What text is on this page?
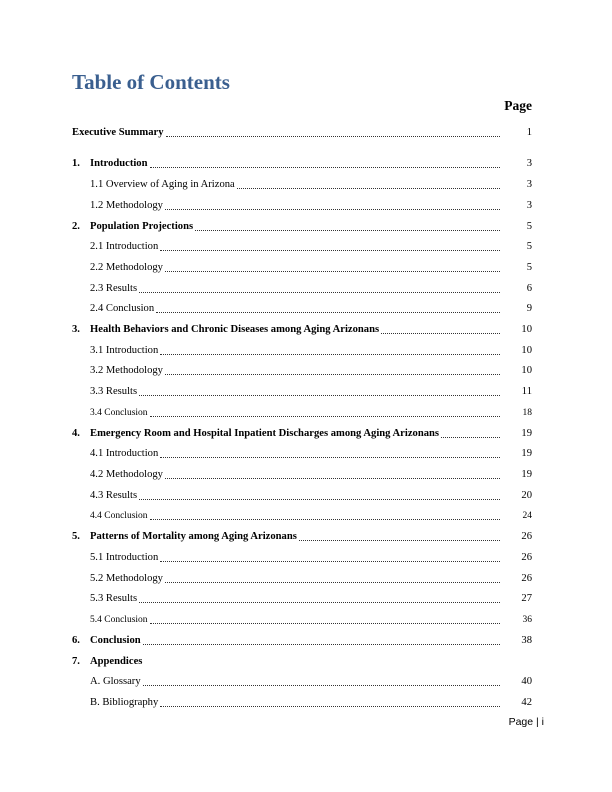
Table of Contents
Page
Executive Summary	1
1. Introduction	3
1.1 Overview of Aging in Arizona	3
1.2 Methodology	3
2. Population Projections	5
2.1 Introduction	5
2.2 Methodology	5
2.3 Results	6
2.4 Conclusion	9
3. Health Behaviors and Chronic Diseases among Aging Arizonans	10
3.1 Introduction	10
3.2 Methodology	10
3.3 Results	11
3.4 Conclusion	18
4. Emergency Room and Hospital Inpatient Discharges among Aging Arizonans	19
4.1 Introduction	19
4.2 Methodology	19
4.3 Results	20
4.4 Conclusion	24
5. Patterns of Mortality among Aging Arizonans	26
5.1 Introduction	26
5.2 Methodology	26
5.3 Results	27
5.4 Conclusion	36
6. Conclusion	38
7. Appendices
A. Glossary	40
B. Bibliography	42
Page | i
